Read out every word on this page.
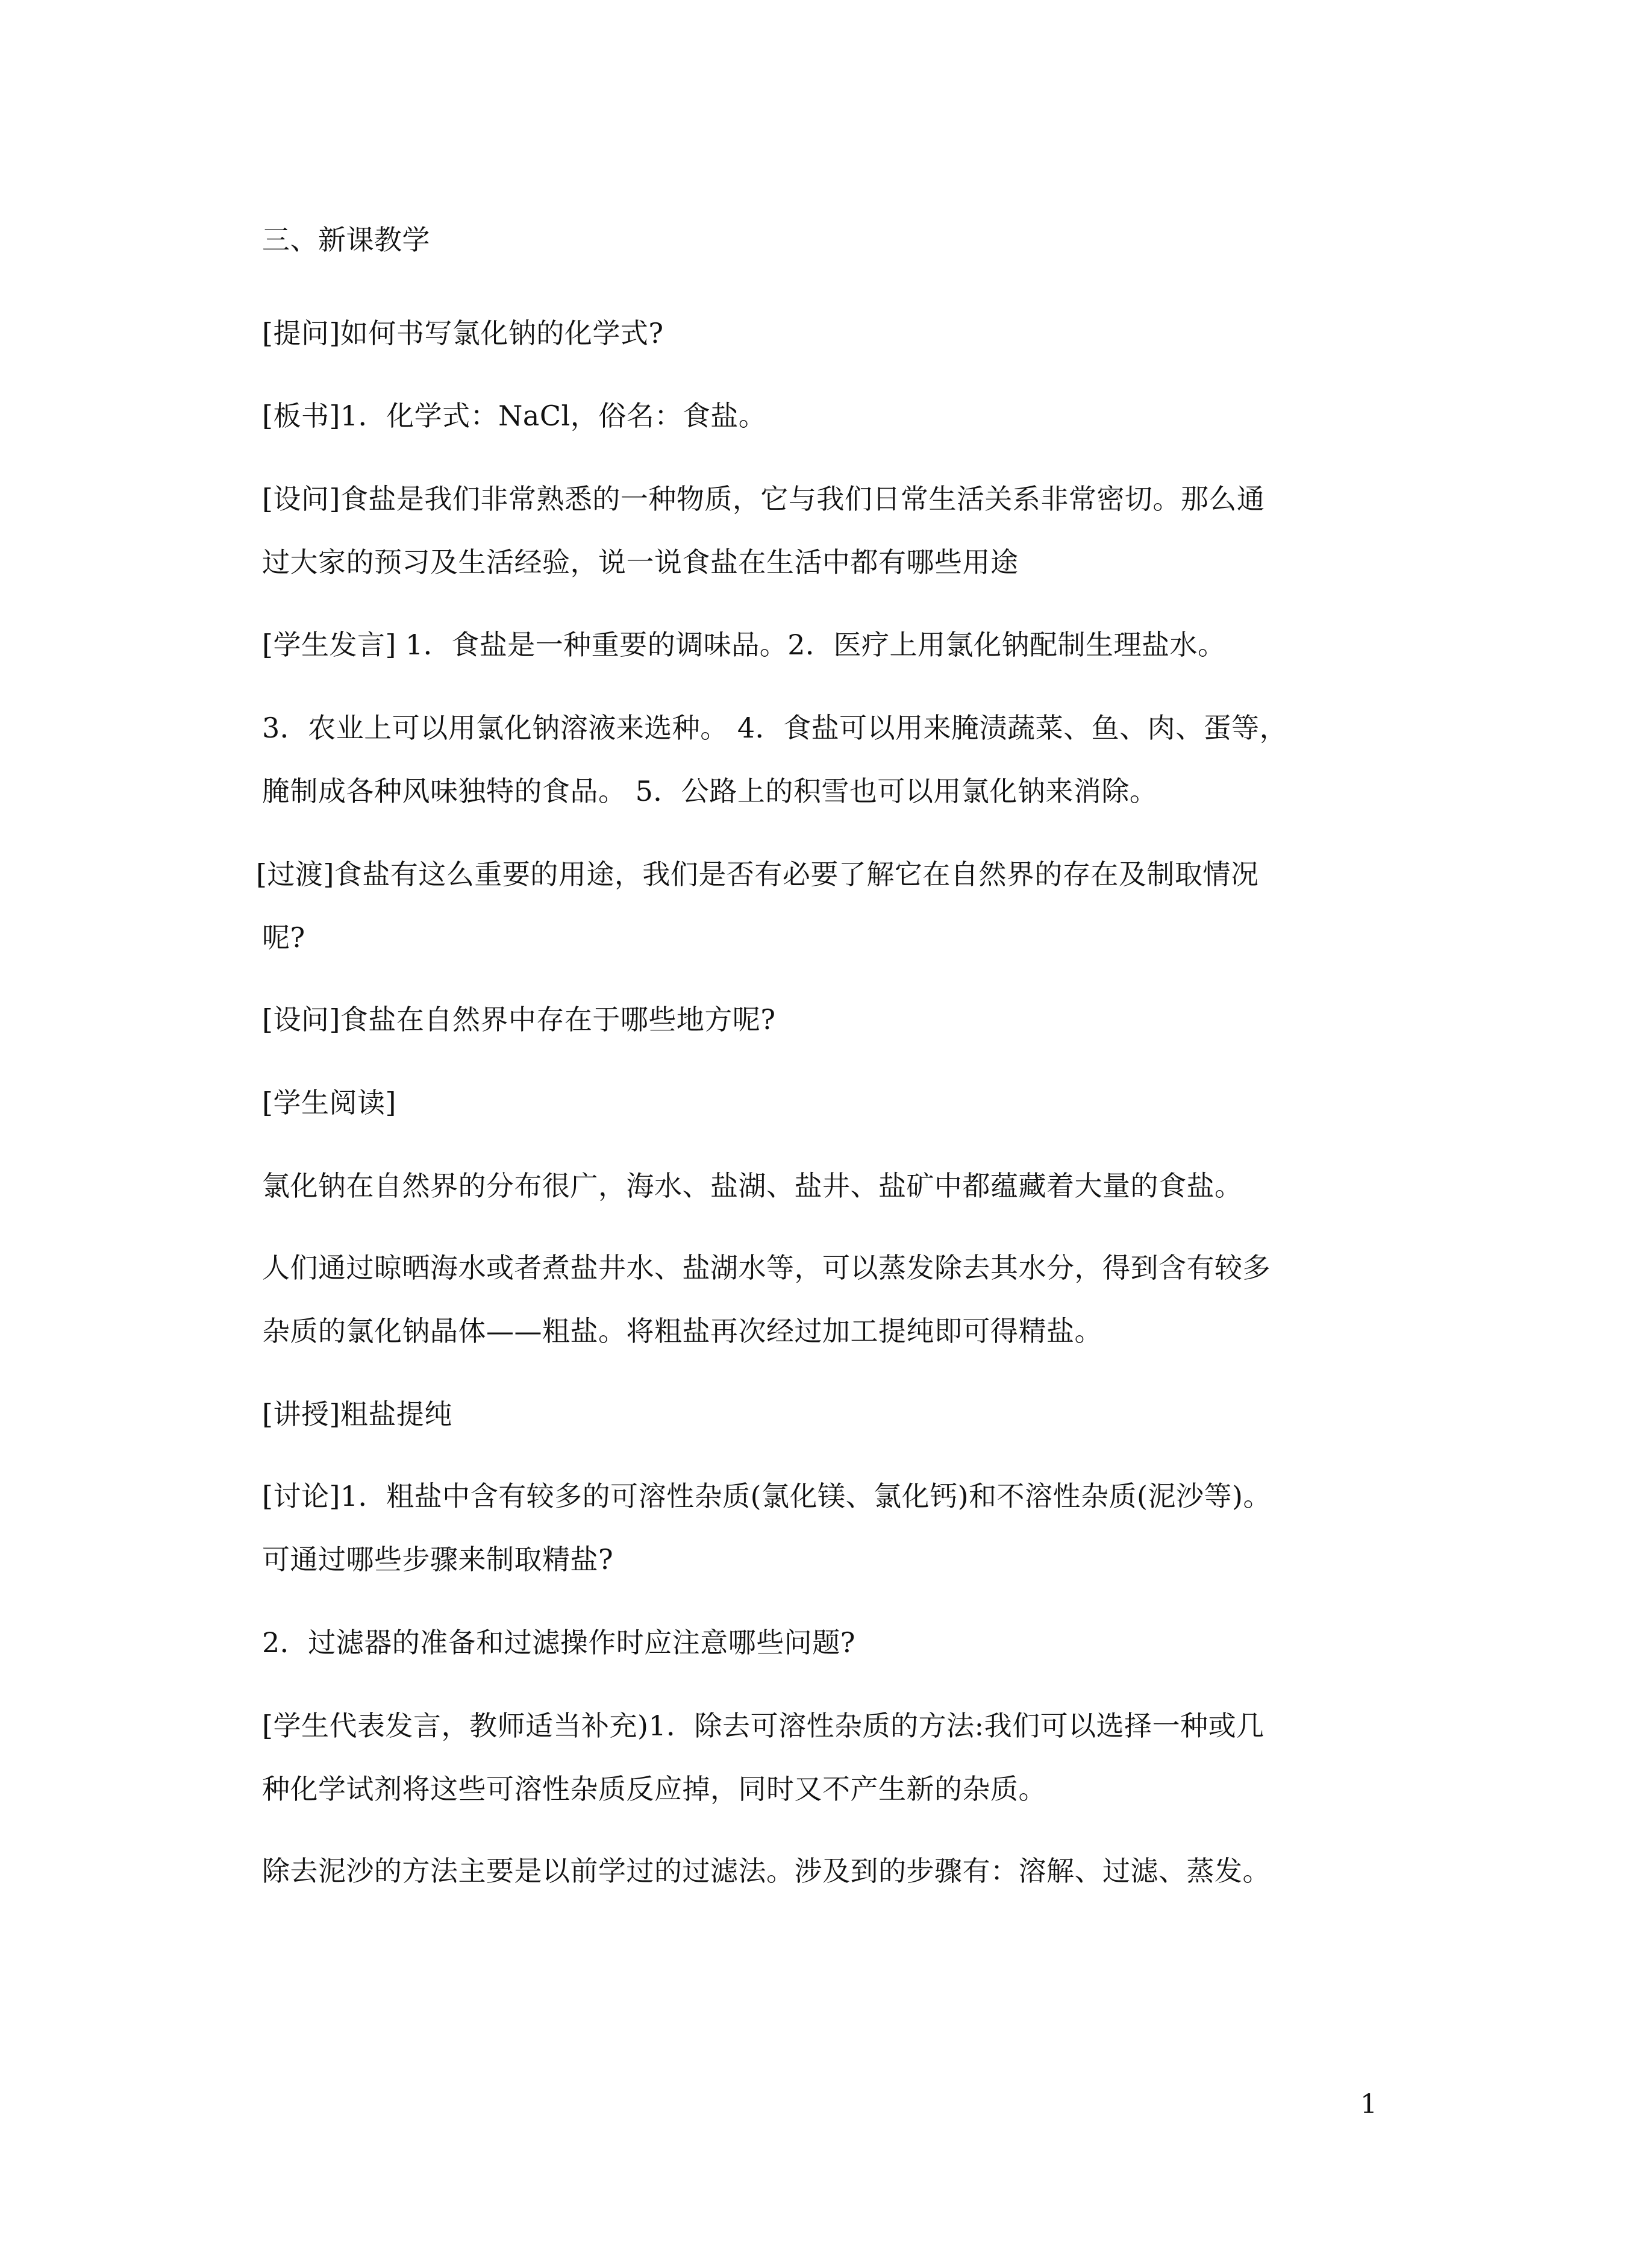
三、新课教学
[提问]如何书写氯化钠的化学式?
[板书]1．化学式：NaCl，俗名：食盐。
[设问]食盐是我们非常熟悉的一种物质，它与我们日常生活关系非常密切。那么通
过大家的预习及生活经验，说一说食盐在生活中都有哪些用途
[学生发言] 1．食盐是一种重要的调味品。2．医疗上用氯化钠配制生理盐水。
3．农业上可以用氯化钠溶液来选种。 4．食盐可以用来腌渍蔬菜、鱼、肉、蛋等，
腌制成各种风味独特的食品。 5．公路上的积雪也可以用氯化钠来消除。
[过渡]食盐有这么重要的用途，我们是否有必要了解它在自然界的存在及制取情况
呢?
[设问]食盐在自然界中存在于哪些地方呢?
[学生阅读]
氯化钠在自然界的分布很广，海水、盐湖、盐井、盐矿中都蕴藏着大量的食盐。
人们通过晾晒海水或者煮盐井水、盐湖水等，可以蒸发除去其水分，得到含有较多
杂质的氯化钠晶体——粗盐。将粗盐再次经过加工提纯即可得精盐。
[讲授]粗盐提纯
[讨论]1．粗盐中含有较多的可溶性杂质(氯化镁、氯化钙)和不溶性杂质(泥沙等)。
可通过哪些步骤来制取精盐?
2．过滤器的准备和过滤操作时应注意哪些问题?
[学生代表发言，教师适当补充)1．除去可溶性杂质的方法:我们可以选择一种或几
种化学试剂将这些可溶性杂质反应掉，同时又不产生新的杂质。
除去泥沙的方法主要是以前学过的过滤法。涉及到的步骤有：溶解、过滤、蒸发。
1
